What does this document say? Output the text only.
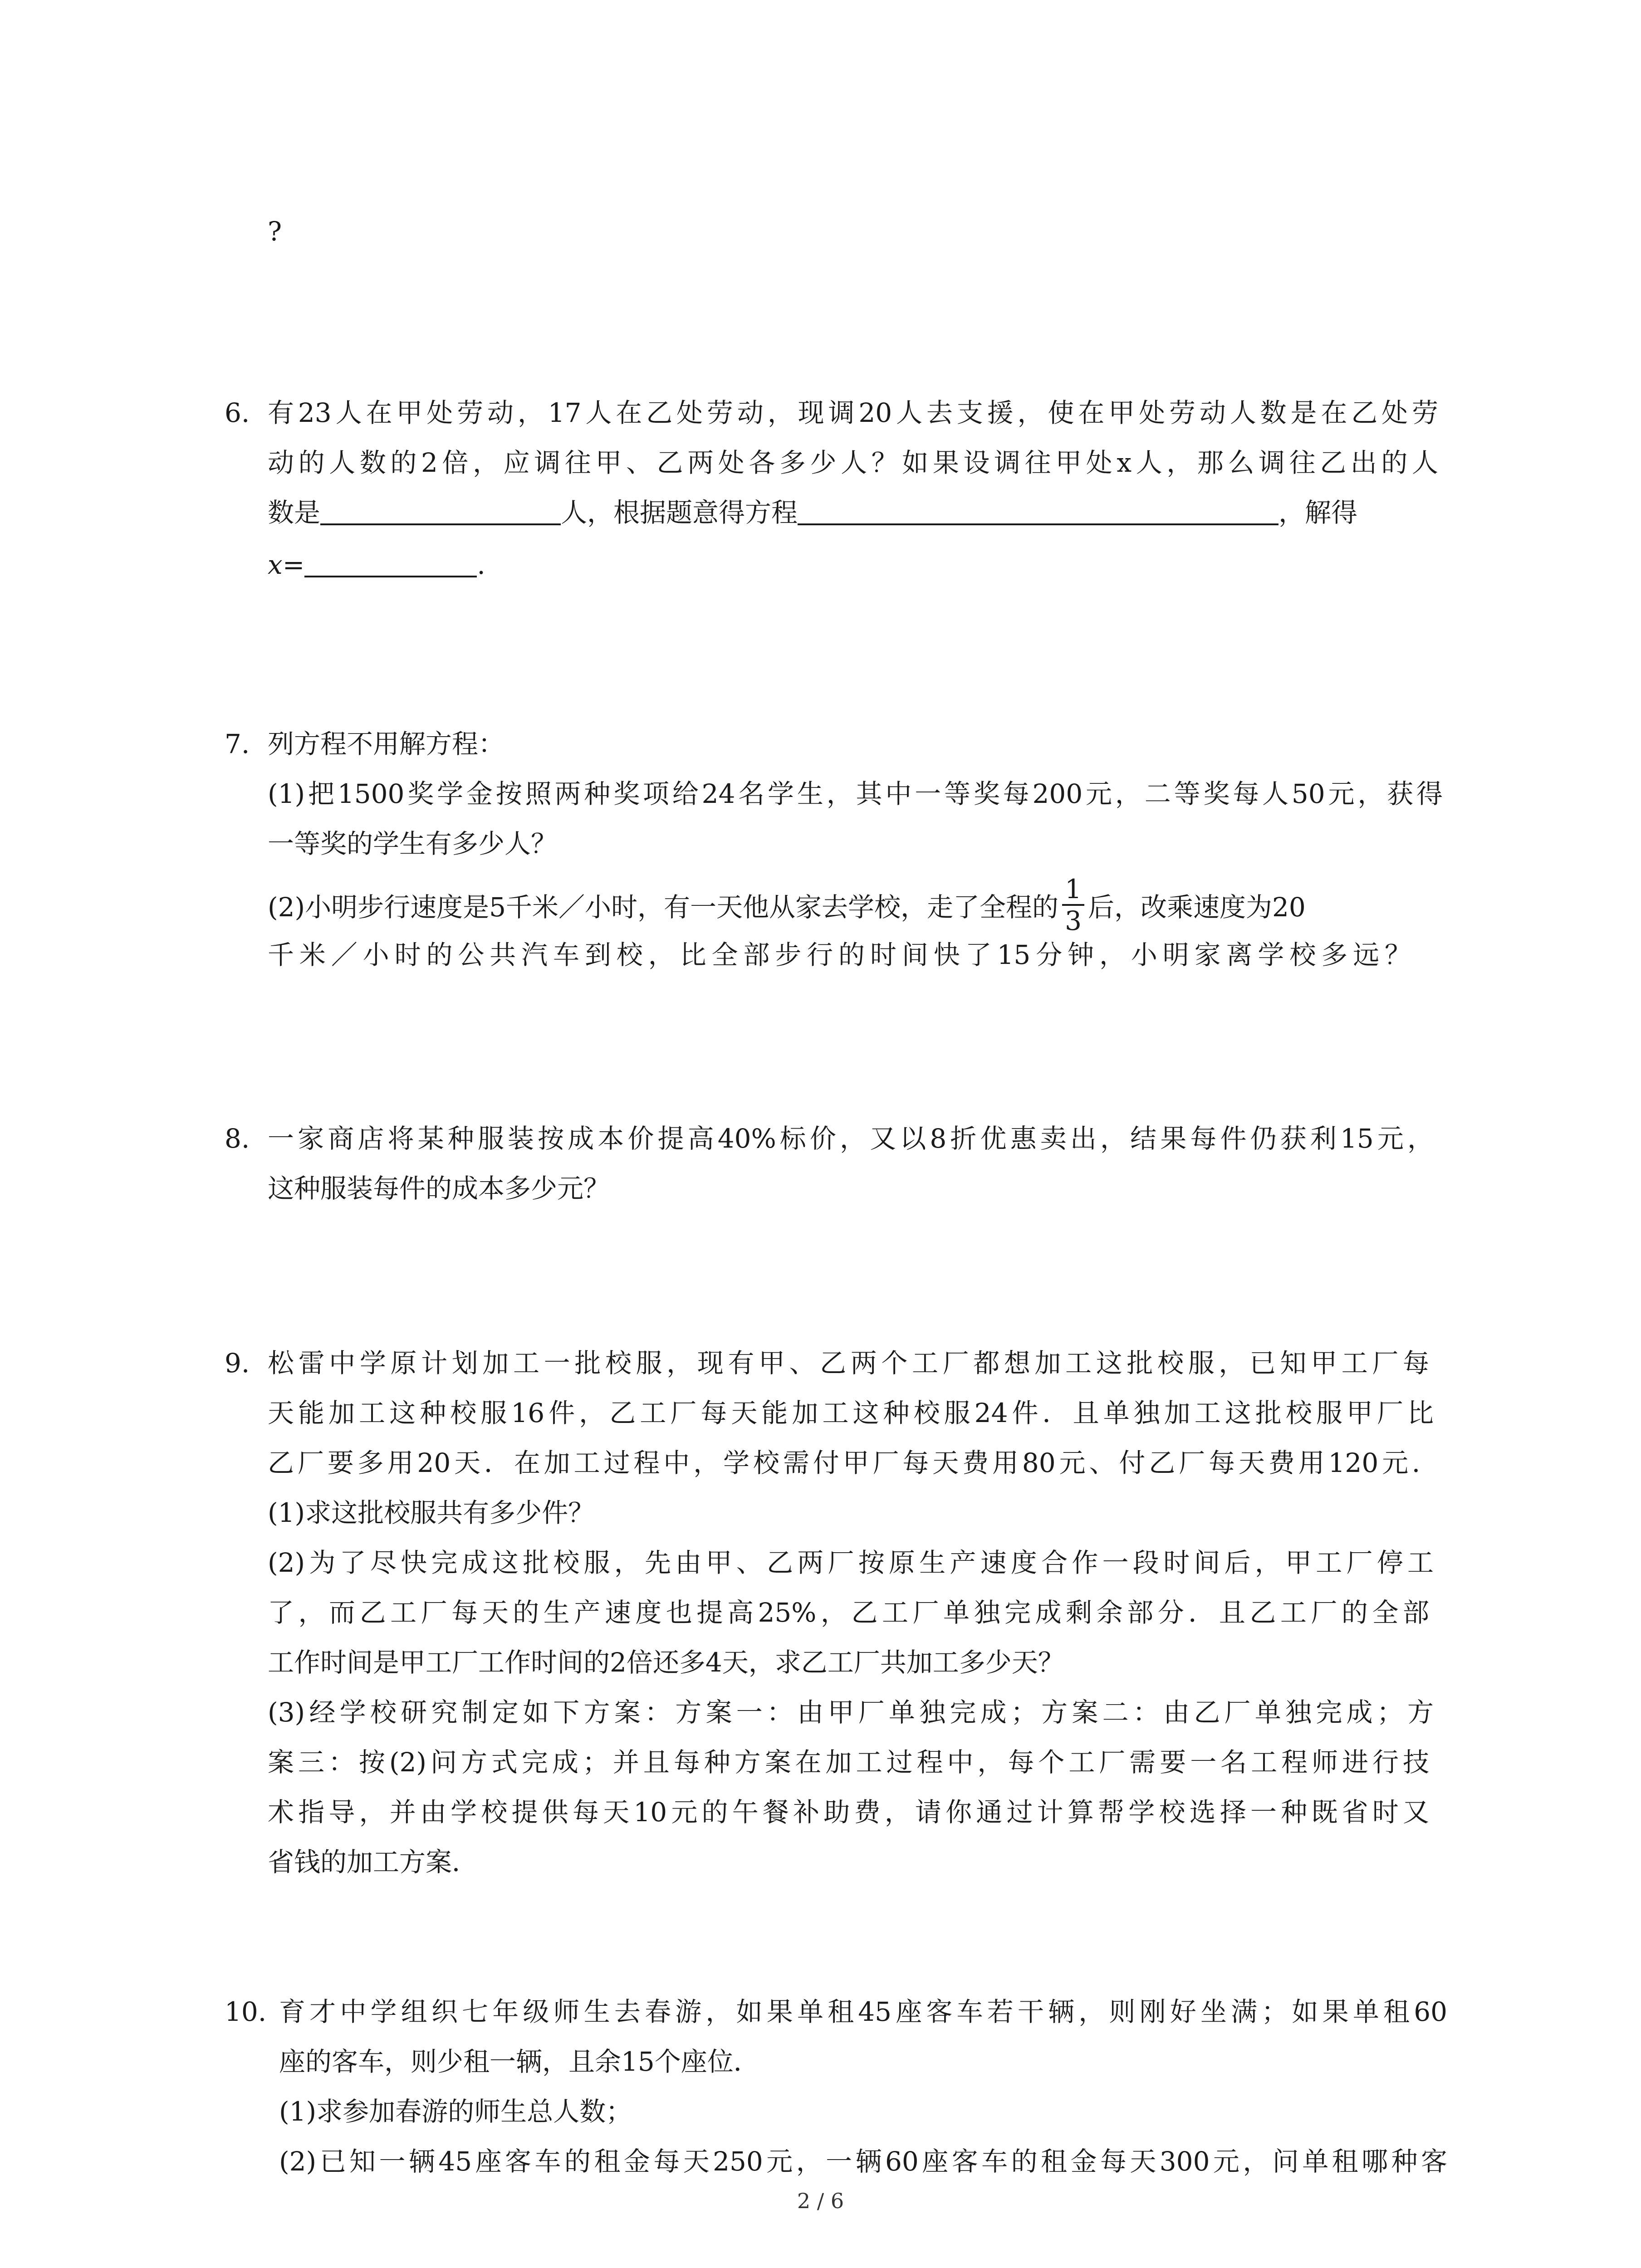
?
6. 有23人在甲处劳动，17人在乙处劳动，现调20人去支援，使在甲处劳动人数是在乙处劳
动的人数的2倍，应调往甲、乙两处各多少人？如果设调往甲处x人，那么调往乙出的人
数是	人，根据题意得方程	，解得
x=	.
7. 列方程不用解方程：
(1)把1500奖学金按照两种奖项给24名学生，其中一等奖每200元，二等奖每人50元，获得
一等奖的学生有多少人？
(2)小明步行速度是5千米／小时，有一天他从家去学校，走了全程的 $\frac{1}{3}$ 后，改乘速度为20
千米／小时的公共汽车到校，比全部步行的时间快了15分钟，小明家离学校多远？
8. 一家商店将某种服装按成本价提高40%标价，又以8折优惠卖出，结果每件仍获利15元，
这种服装每件的成本多少元？
9. 松雷中学原计划加工一批校服，现有甲、乙两个工厂都想加工这批校服，已知甲工厂每
天能加工这种校服16件，乙工厂每天能加工这种校服24件．且单独加工这批校服甲厂比
乙厂要多用20天．在加工过程中，学校需付甲厂每天费用80元、付乙厂每天费用120元．
(1)求这批校服共有多少件？
(2)为了尽快完成这批校服，先由甲、乙两厂按原生产速度合作一段时间后，甲工厂停工
了，而乙工厂每天的生产速度也提高25%，乙工厂单独完成剩余部分．且乙工厂的全部
工作时间是甲工厂工作时间的2倍还多4天，求乙工厂共加工多少天？
(3)经学校研究制定如下方案：方案一：由甲厂单独完成；方案二：由乙厂单独完成；方
案三：按(2)问方式完成；并且每种方案在加工过程中，每个工厂需要一名工程师进行技
术指导，并由学校提供每天10元的午餐补助费，请你通过计算帮学校选择一种既省时又
省钱的加工方案．
10. 育才中学组织七年级师生去春游，如果单租45座客车若干辆，则刚好坐满；如果单租60
座的客车，则少租一辆，且余15个座位．
(1)求参加春游的师生总人数；
(2)已知一辆45座客车的租金每天250元，一辆60座客车的租金每天300元，问单租哪种客
2 / 6
